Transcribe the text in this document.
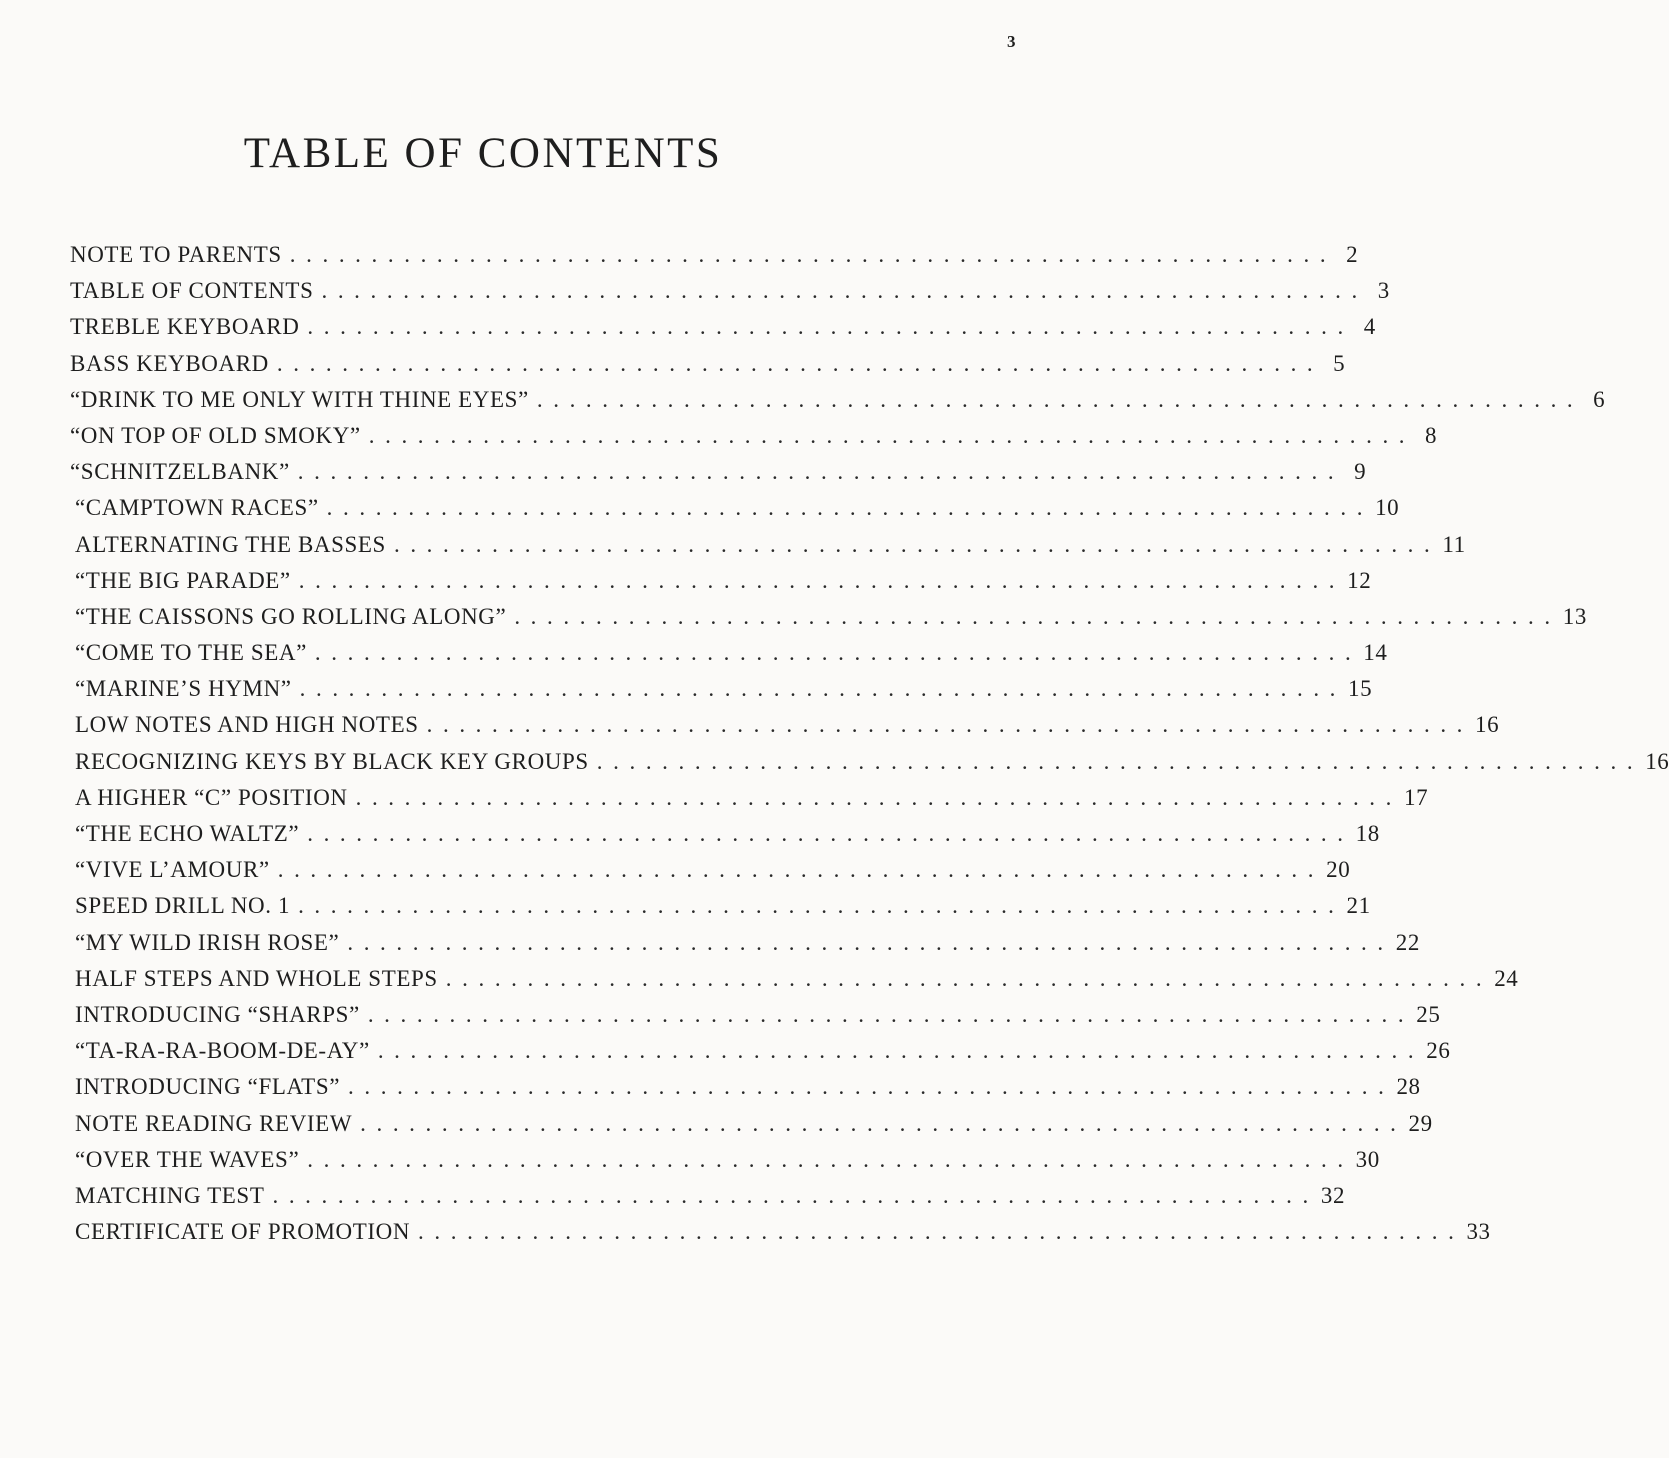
3
TABLE OF CONTENTS
NOTE TO PARENTS ................................................................ 2
TABLE OF CONTENTS ................................................................ 3
TREBLE KEYBOARD ................................................................ 4
BASS KEYBOARD ................................................................ 5
“DRINK TO ME ONLY WITH THINE EYES” ................................................................ 6
“ON TOP OF OLD SMOKY” ................................................................ 8
“SCHNITZELBANK” ................................................................ 9
“CAMPTOWN RACES” ................................................................ 10
ALTERNATING THE BASSES ................................................................ 11
“THE BIG PARADE” ................................................................ 12
“THE CAISSONS GO ROLLING ALONG” ................................................................ 13
“COME TO THE SEA” ................................................................ 14
“MARINE’S HYMN” ................................................................ 15
LOW NOTES AND HIGH NOTES ................................................................ 16
RECOGNIZING KEYS BY BLACK KEY GROUPS ................................................................ 16
A HIGHER “C” POSITION ................................................................ 17
“THE ECHO WALTZ” ................................................................ 18
“VIVE L’AMOUR” ................................................................ 20
SPEED DRILL NO. 1 ................................................................ 21
“MY WILD IRISH ROSE” ................................................................ 22
HALF STEPS AND WHOLE STEPS ................................................................ 24
INTRODUCING “SHARPS” ................................................................ 25
“TA-RA-RA-BOOM-DE-AY” ................................................................ 26
INTRODUCING “FLATS” ................................................................ 28
NOTE READING REVIEW ................................................................ 29
“OVER THE WAVES” ................................................................ 30
MATCHING TEST ................................................................ 32
CERTIFICATE OF PROMOTION ................................................................ 33
